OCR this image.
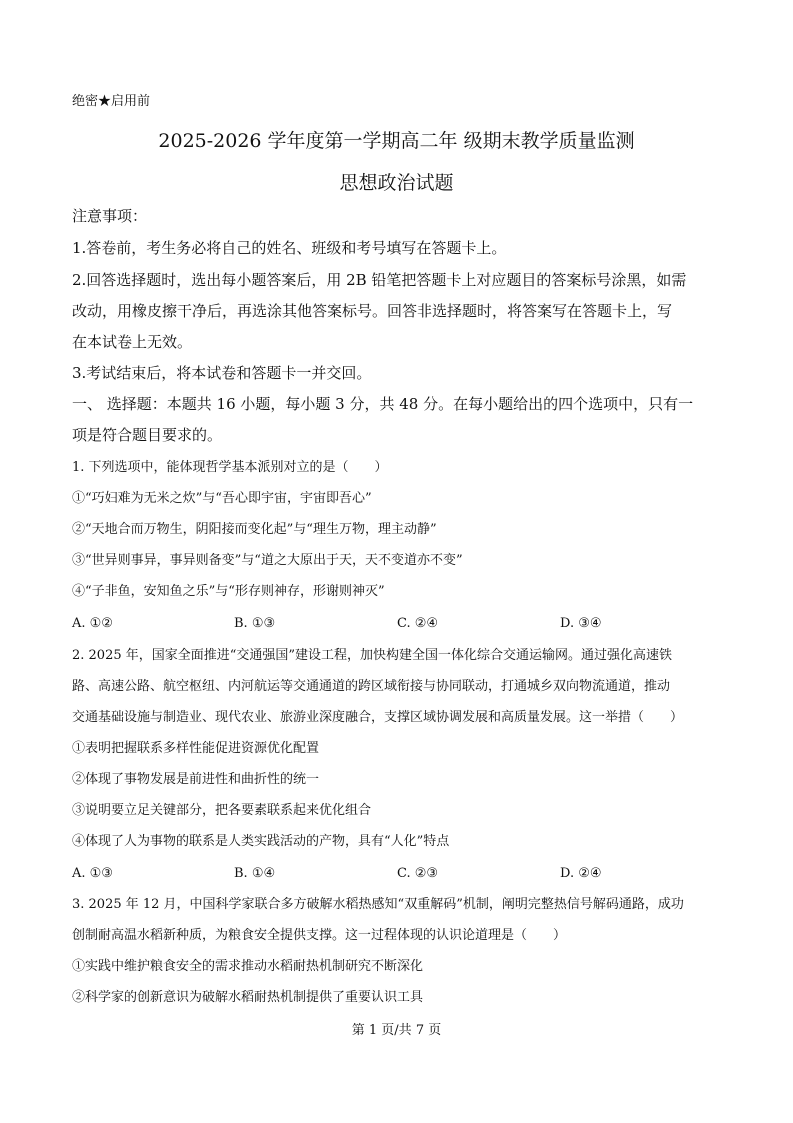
绝密★启用前
2025-2026 学年度第一学期高二年 级期末教学质量监测
思想政治试题
注意事项：
1.答卷前，考生务必将自己的姓名、班级和考号填写在答题卡上。
2.回答选择题时，选出每小题答案后，用 2B 铅笔把答题卡上对应题目的答案标号涂黑，如需
改动，用橡皮擦干净后，再选涂其他答案标号。回答非选择题时，将答案写在答题卡上，写
在本试卷上无效。
3.考试结束后，将本试卷和答题卡一并交回。
一、 选择题：本题共 16 小题，每小题 3 分，共 48 分。在每小题给出的四个选项中，只有一
项是符合题目要求的。
1. 下列选项中，能体现哲学基本派别对立的是（　　）
①“巧妇难为无米之炊”与“吾心即宇宙，宇宙即吾心”
②“天地合而万物生，阴阳接而变化起”与“理生万物，理主动静”
③“世异则事异，事异则备变”与“道之大原出于天，天不变道亦不变”
④“子非鱼，安知鱼之乐”与“形存则神存，形谢则神灭”
A. ①②	B. ①③	C. ②④	D. ③④
2. 2025 年，国家全面推进“交通强国”建设工程，加快构建全国一体化综合交通运输网。通过强化高速铁
路、高速公路、航空枢纽、内河航运等交通通道的跨区域衔接与协同联动，打通城乡双向物流通道，推动
交通基础设施与制造业、现代农业、旅游业深度融合，支撑区域协调发展和高质量发展。这一举措（　　）
①表明把握联系多样性能促进资源优化配置
②体现了事物发展是前进性和曲折性的统一
③说明要立足关键部分，把各要素联系起来优化组合
④体现了人为事物的联系是人类实践活动的产物，具有“人化”特点
A. ①③	B. ①④	C. ②③	D. ②④
3. 2025 年 12 月，中国科学家联合多方破解水稻热感知“双重解码”机制，阐明完整热信号解码通路，成功
创制耐高温水稻新种质，为粮食安全提供支撑。这一过程体现的认识论道理是（　　）
①实践中维护粮食安全的需求推动水稻耐热机制研究不断深化
②科学家的创新意识为破解水稻耐热机制提供了重要认识工具
第 1 页/共 7 页
